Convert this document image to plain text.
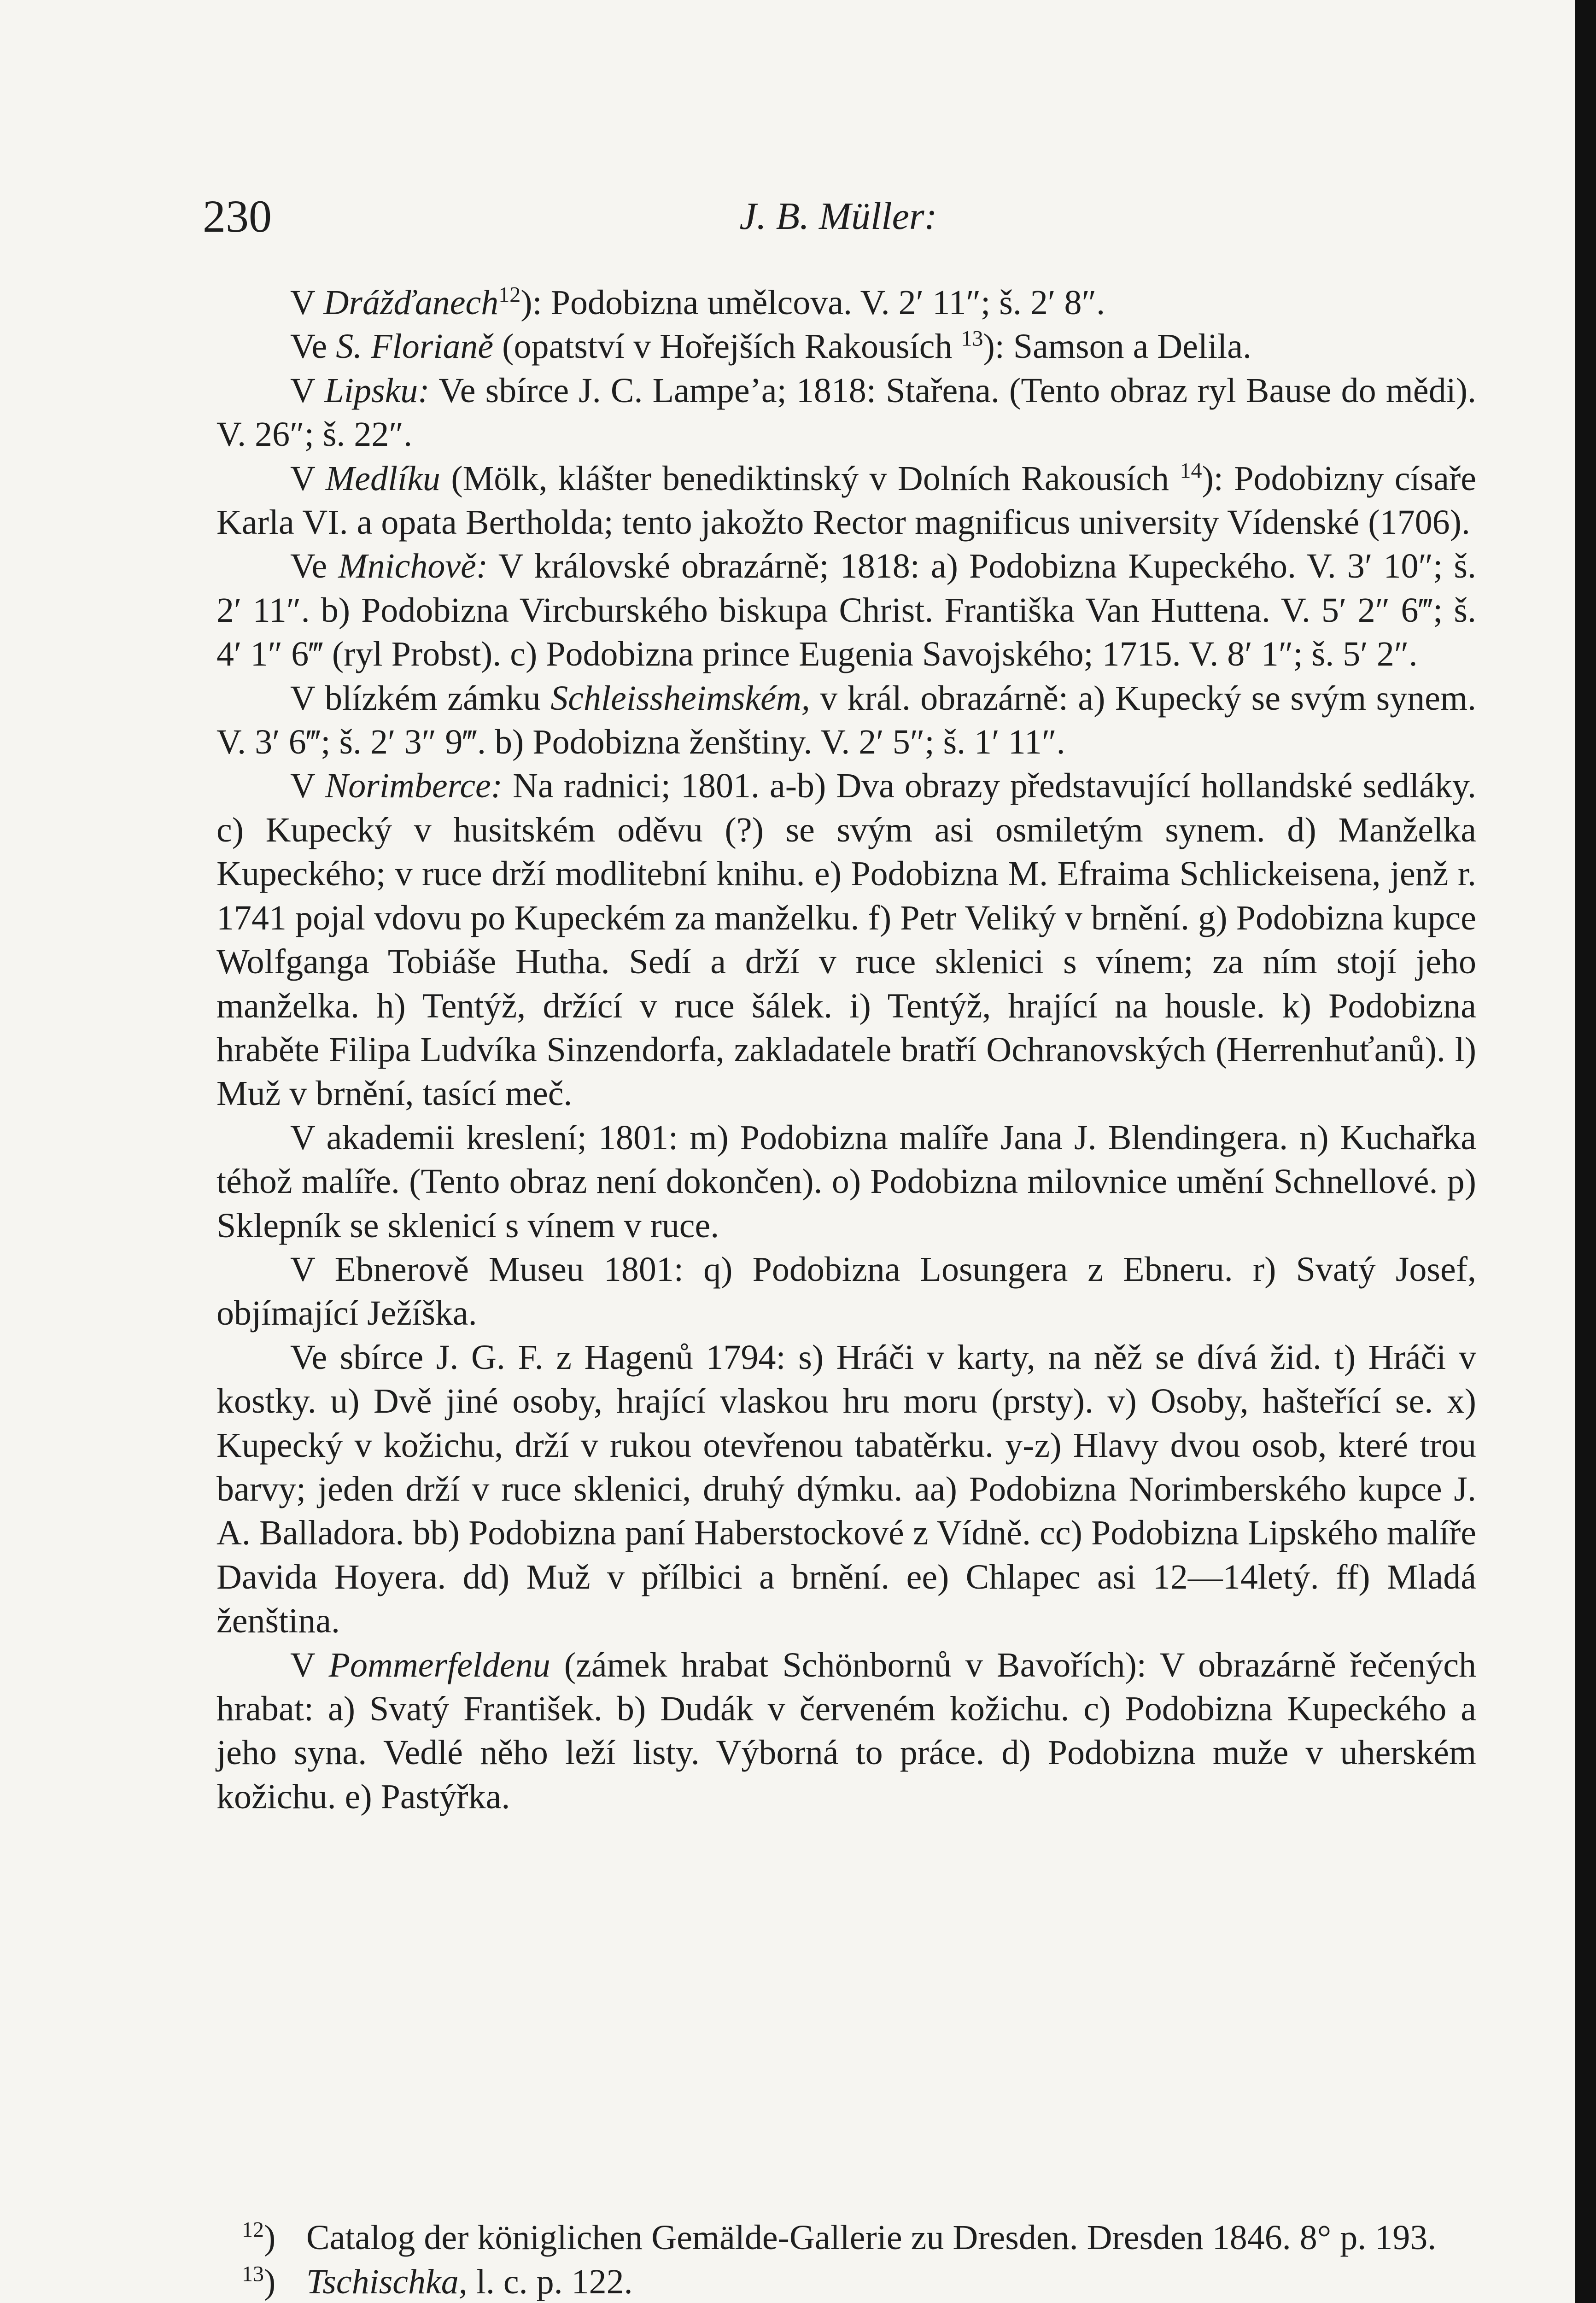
230	J. B. Müller:

V Drážďanech$^{12}$): Podobizna umělcova. V. 2′ 11″; š. 2′ 8″.

Ve S. Florianě (opatství v Hořejších Rakousích $^{13}$): Samson a Delila.

V Lipsku: Ve sbírce J. C. Lampe’a; 1818: Stařena. (Tento obraz ryl Bause do mědi). V. 26″; š. 22″.

V Medlíku (Mölk, klášter benediktinský v Dolních Rakousích $^{14}$): Podobizny císaře Karla VI. a opata Bertholda; tento jakožto Rector magnificus university Vídenské (1706).

Ve Mnichově: V královské obrazárně; 1818: a) Podobizna Kupeckého. V. 3′ 10″; š. 2′ 11″. b) Podobizna Vircburského biskupa Christ. Františka Van Huttena. V. 5′ 2″ 6‴; š. 4′ 1″ 6‴ (ryl Probst). c) Podobizna prince Eugenia Savojského; 1715. V. 8′ 1″; š. 5′ 2″.

V blízkém zámku Schleissheimském, v král. obrazárně: a) Kupecký se svým synem. V. 3′ 6‴; š. 2′ 3″ 9‴. b) Podobizna ženštiny. V. 2′ 5″; š. 1′ 11″.

V Norimberce: Na radnici; 1801. a-b) Dva obrazy představující hollandské sedláky. c) Kupecký v husitském oděvu (?) se svým asi osmiletým synem. d) Manželka Kupeckého; v ruce drží modlitební knihu. e) Podobizna M. Efraima Schlickeisena, jenž r. 1741 pojal vdovu po Kupeckém za manželku. f) Petr Veliký v brnění. g) Podobizna kupce Wolfganga Tobiáše Hutha. Sedí a drží v ruce sklenici s vínem; za ním stojí jeho manželka. h) Tentýž, držící v ruce šálek. i) Tentýž, hrající na housle. k) Podobizna hraběte Filipa Ludvíka Sinzendorfa, zakladatele bratří Ochranovských (Herrenhuťanů). l) Muž v brnění, tasící meč.

V akademii kreslení; 1801: m) Podobizna malíře Jana J. Blendingera. n) Kuchařka téhož malíře. (Tento obraz není dokončen). o) Podobizna milovnice umění Schnellové. p) Sklepník se sklenicí s vínem v ruce.

V Ebnerově Museu 1801: q) Podobizna Losungera z Ebneru. r) Svatý Josef, objímající Ježíška.

Ve sbírce J. G. F. z Hagenů 1794: s) Hráči v karty, na něž se dívá žid. t) Hráči v kostky. u) Dvě jiné osoby, hrající vlaskou hru moru (prsty). v) Osoby, hašteřící se. x) Kupecký v kožichu, drží v rukou otevřenou tabatěrku. y-z) Hlavy dvou osob, které trou barvy; jeden drží v ruce sklenici, druhý dýmku. aa) Podobizna Norimberského kupce J. A. Balladora. bb) Podobizna paní Haberstockové z Vídně. cc) Podobizna Lipského malíře Davida Hoyera. dd) Muž v přílbici a brnění. ee) Chlapec asi 12—14letý. ff) Mladá ženština.

V Pommerfeldenu (zámek hrabat Schönbornů v Bavořích): V obrazárně řečených hrabat: a) Svatý František. b) Dudák v červeném kožichu. c) Podobizna Kupeckého a jeho syna. Vedlé něho leží listy. Výborná to práce. d) Podobizna muže v uherském kožichu. e) Pastýřka.

$^{12}$) Catalog der königlichen Gemälde-Gallerie zu Dresden. Dresden 1846. 8° p. 193.
$^{13}$) Tschischka, l. c. p. 122.
